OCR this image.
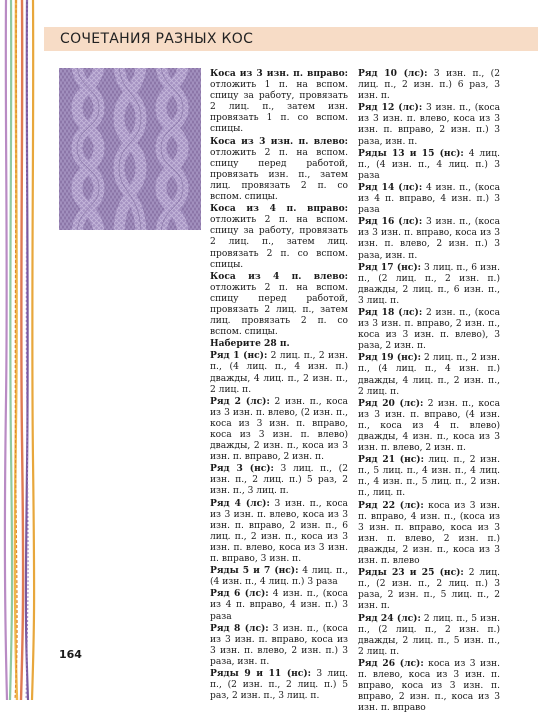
СОЧЕТАНИЯ РАЗНЫХ КОС

Коса из 3 изн. п. вправо: отложить 1 п. на вспом. спицу за работу, провязать 2 лиц. п., затем изн. провязать 1 п. со вспом. спицы.

Коса из 3 изн. п. влево: отложить 2 п. на вспом. спицу перед работой, провязать изн. п., затем лиц. провязать 2 п. со вспом. спицы.

Коса из 4 п. вправо: отложить 2 п. на вспом. спицу за работу, провязать 2 лиц. п., затем лиц. провязать 2 п. со вспом. спицы.

Коса из 4 п. влево: отложить 2 п. на вспом. спицу перед работой, провязать 2 лиц. п., затем лиц. провязать 2 п. со вспом. спицы.

Наберите 28 п.

Ряд 1 (нс): 2 лиц. п., 2 изн. п., (4 лиц. п., 4 изн. п.) дважды, 4 лиц. п., 2 изн. п., 2 лиц. п.

Ряд 2 (лс): 2 изн. п., коса из 3 изн. п. влево, (2 изн. п., коса из 3 изн. п. вправо, коса из 3 изн. п. влево) дважды, 2 изн. п., коса из 3 изн. п. вправо, 2 изн. п.

Ряд 3 (нс): 3 лиц. п., (2 изн. п., 2 лиц. п.) 5 раз, 2 изн. п., 3 лиц. п.

Ряд 4 (лс): 3 изн. п., коса из 3 изн. п. влево, коса из 3 изн. п. вправо, 2 изн. п., 6 лиц. п., 2 изн. п., коса из 3 изн. п. влево, коса из 3 изн. п. вправо, 3 изн. п.

Ряды 5 и 7 (нс): 4 лиц. п., (4 изн. п., 4 лиц. п.) 3 раза

Ряд 6 (лс): 4 изн. п., (коса из 4 п. вправо, 4 изн. п.) 3 раза

Ряд 8 (лс): 3 изн. п., (коса из 3 изн. п. вправо, коса из 3 изн. п. влево, 2 изн. п.) 3 раза, изн. п.

Ряды 9 и 11 (нс): 3 лиц. п., (2 изн. п., 2 лиц. п.) 5 раз, 2 изн. п., 3 лиц. п.

Ряд 10 (лс): 3 изн. п., (2 лиц. п., 2 изн. п.) 6 раз, 3 изн. п.

Ряд 12 (лс): 3 изн. п., (коса из 3 изн. п. влево, коса из 3 изн. п. вправо, 2 изн. п.) 3 раза, изн. п.

Ряды 13 и 15 (нс): 4 лиц. п., (4 изн. п., 4 лиц. п.) 3 раза

Ряд 14 (лс): 4 изн. п., (коса из 4 п. вправо, 4 изн. п.) 3 раза

Ряд 16 (лс): 3 изн. п., (коса из 3 изн. п. вправо, коса из 3 изн. п. влево, 2 изн. п.) 3 раза, изн. п.

Ряд 17 (нс): 3 лиц. п., 6 изн. п., (2 лиц. п., 2 изн. п.) дважды, 2 лиц. п., 6 изн. п., 3 лиц. п.

Ряд 18 (лс): 2 изн. п., (коса из 3 изн. п. вправо, 2 изн. п., коса из 3 изн. п. влево), 3 раза, 2 изн. п.

Ряд 19 (нс): 2 лиц. п., 2 изн. п., (4 лиц. п., 4 изн. п.) дважды, 4 лиц. п., 2 изн. п., 2 лиц. п.

Ряд 20 (лс): 2 изн. п., коса из 3 изн. п. вправо, (4 изн. п., коса из 4 п. влево) дважды, 4 изн. п., коса из 3 изн. п. влево, 2 изн. п.

Ряд 21 (нс): лиц. п., 2 изн. п., 5 лиц. п., 4 изн. п., 4 лиц. п., 4 изн. п., 5 лиц. п., 2 изн. п., лиц. п.

Ряд 22 (лс): коса из 3 изн. п. вправо, 4 изн. п., (коса из 3 изн. п. вправо, коса из 3 изн. п. влево, 2 изн. п.) дважды, 2 изн. п., коса из 3 изн. п. влево

Ряды 23 и 25 (нс): 2 лиц. п., (2 изн. п., 2 лиц. п.) 3 раза, 2 изн. п., 5 лиц. п., 2 изн. п.

Ряд 24 (лс): 2 лиц. п., 5 изн. п., (2 лиц. п., 2 изн. п.) дважды, 2 лиц. п., 5 изн. п., 2 лиц. п.

Ряд 26 (лс): коса из 3 изн. п. влево, коса из 3 изн. п. вправо, коса из 3 изн. п. вправо, 2 изн. п., коса из 3 изн. п. вправо

164
